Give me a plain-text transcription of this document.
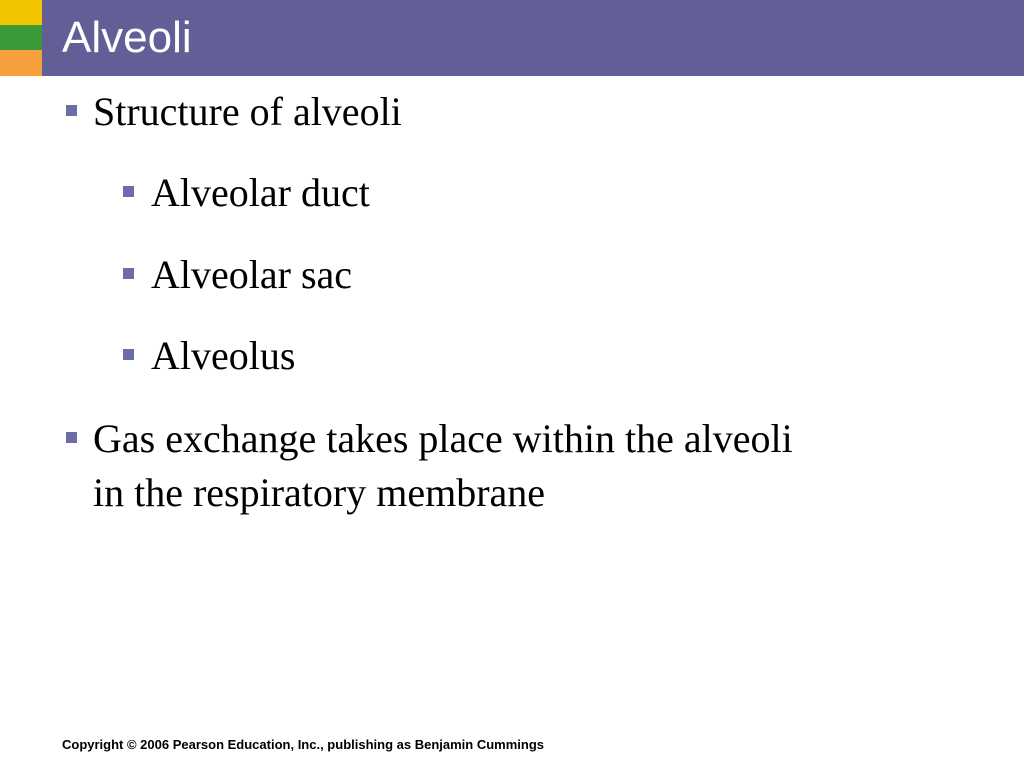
Alveoli
Structure of alveoli
Alveolar duct
Alveolar sac
Alveolus
Gas exchange takes place within the alveoli
in the respiratory membrane
Copyright © 2006 Pearson Education, Inc., publishing as Benjamin Cummings
